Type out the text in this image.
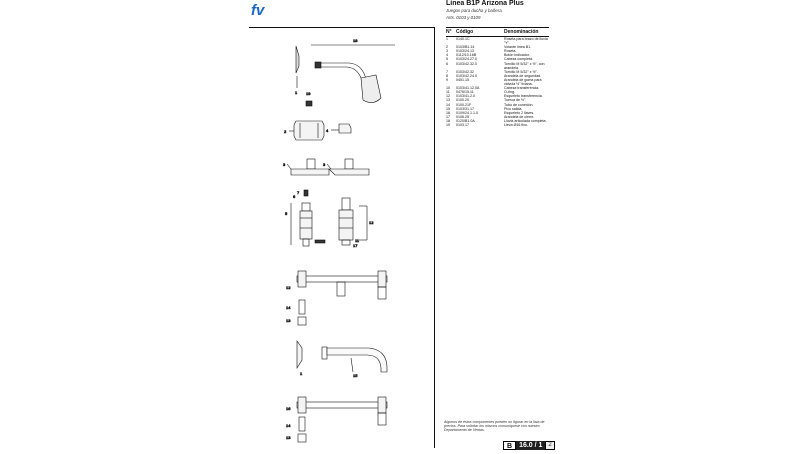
fv	Línea B1P Arizona Plus
Juegos para ducha y bañera.
Arts. 0103 y 0109
18
1 19
2	4
3	3
7
6
5
12
11
17
12
14
13
1	15
16
14
13
N° Código	Denominación
1	0140.1C	Roseta para brazo de lluvia "Y".
2	0103/B1.14	Volante línea B1.
3	0103/24.13	Roseta.
4	0112/10.16B	Botón indicador.
5	0103/24.27.0	Cabeza completa.
6	0103/42.32.0	Tornillo M 5/32" x ½", con arandela.
7	0103/42.32	Tornillo M 5/32" x ½".
8	0103/42.24.0	Arandela de seguridad.
9	0451.15	Arandela de goma para válvula ½" liviana.
10	0103/41.12.0A	Cabeza transferencia.
11	0476/15.11	O-ring.
12	0103/41.2.0	Esqueleto transferencia.
13	0100.20	Tuerca de ½".
14	0100.21F	Tubo de conexión.
15	0103/31.17	Pico salida.
16	0109/24.1.1.0	Esqueleto 2 llaves.
17	0106.25	Arandela de cierre.
18	0120/B1.0A	Lluvia articulada completa.
19	0103.17	Lleva Ø16 fixo.
Algunos de estos componentes pueden no figurar en la lista de precios. Para solicitar los mismos comuníquese con nuestro Departamento de Ventas.
B	16.0 / 1	2
